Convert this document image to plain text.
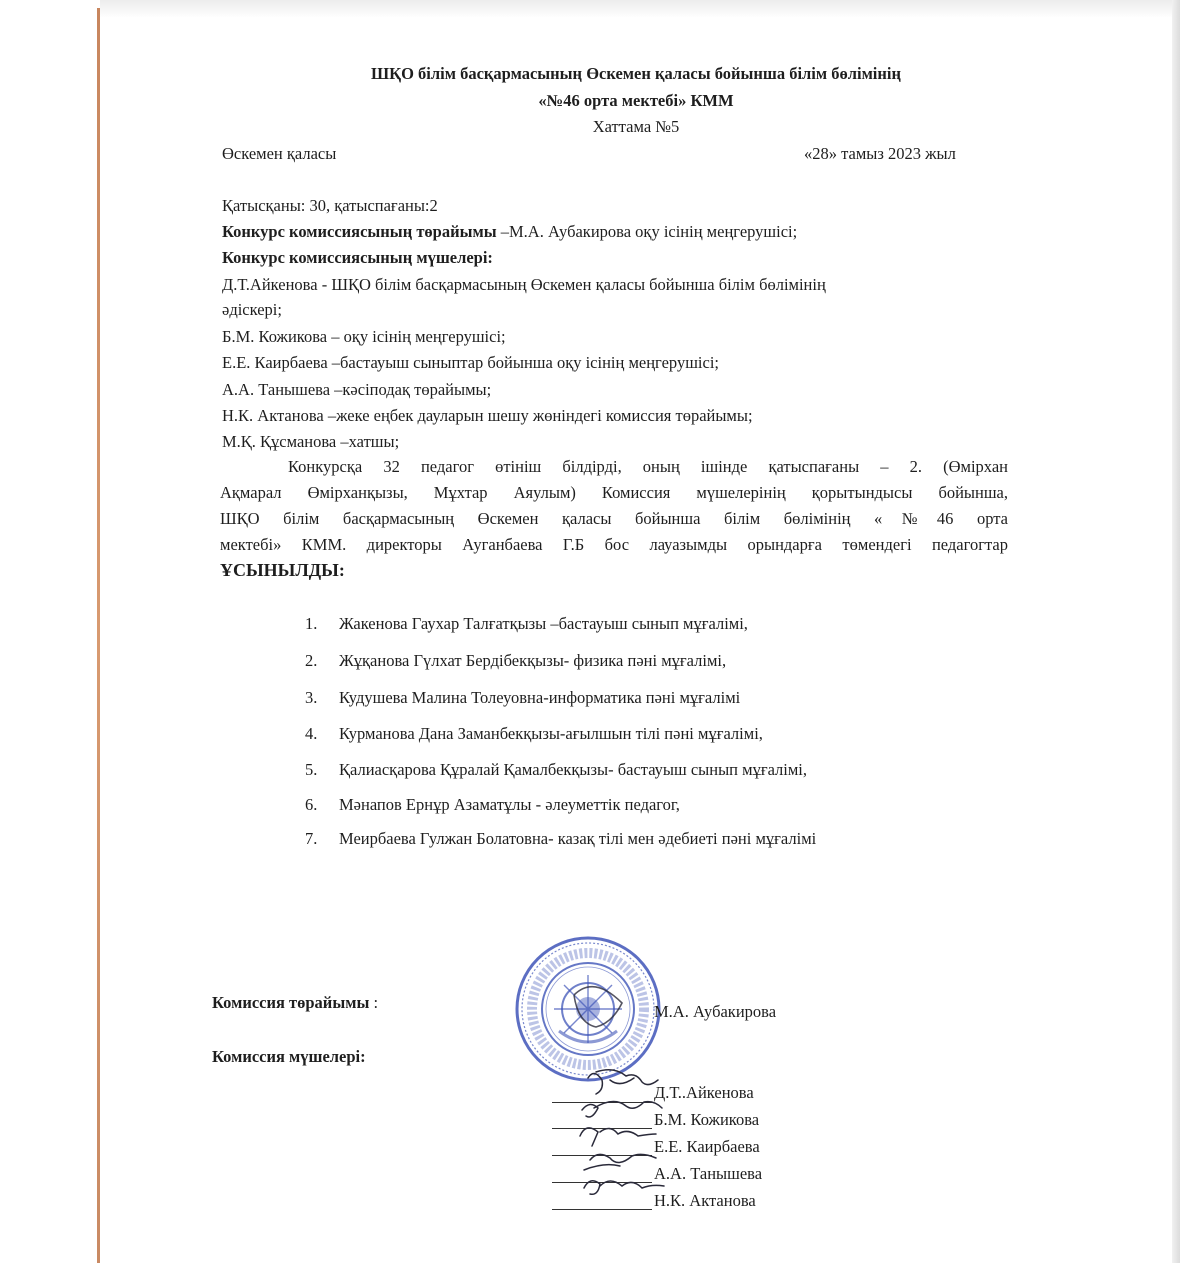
ШҚО білім басқармасының Өскемен қаласы бойынша білім бөлімінің
«№46 орта мектебі» КММ
Хаттама №5
Өскемен қаласы	«28» тамыз 2023 жыл
Қатысқаны: 30, қатыспағаны:2
Конкурс комиссиясының төрайымы –М.А. Аубакирова оқу ісінің меңгерушісі;
Конкурс комиссиясының мүшелері:
Д.Т.Айкенова - ШҚО білім басқармасының Өскемен қаласы бойынша білім бөлімінің
әдіскері;
Б.М. Кожикова – оқу ісінің меңгерушісі;
Е.Е. Каирбаева –бастауыш сыныптар бойынша оқу ісінің меңгерушісі;
А.А. Танышева –кәсіподақ төрайымы;
Н.К. Актанова –жеке еңбек дауларын шешу жөніндегі комиссия төрайымы;
М.Қ. Құсманова –хатшы;
Конкурсқа 32 педагог өтініш білдірді, оның ішінде қатыспағаны – 2. (Өмірхан
Ақмарал Өмірханқызы, Мұхтар Аяулым) Комиссия мүшелерінің қорытындысы бойынша,
ШҚО білім басқармасының Өскемен қаласы бойынша білім бөлімінің «№46 орта
мектебі» КММ. директоры Ауганбаева Г.Б бос лауазымды орындарға төмендегі педагогтар
ҰСЫНЫЛДЫ:
1. Жакенова Гаухар Талғатқызы –бастауыш сынып мұғалімі,
2. Жұқанова Гүлхат Бердібекқызы- физика пәні мұғалімі,
3. Кудушева Малина Толеуовна-информатика пәні мұғалімі
4. Курманова Дана Заманбекқызы-ағылшын тілі пәні мұғалімі,
5. Қалиасқарова Құралай Қамалбекқызы- бастауыш сынып мұғалімі,
6. Мәнапов Ернұр Азаматұлы - әлеуметтік педагог,
7. Меирбаева Гулжан Болатовна- казақ тілі мен әдебиеті пәні мұғалімі
Комиссия төрайымы :	М.А. Аубакирова
Комиссия мүшелері:
Д.Т..Айкенова
Б.М. Кожикова
Е.Е. Каирбаева
А.А. Танышева
Н.К. Актанова
